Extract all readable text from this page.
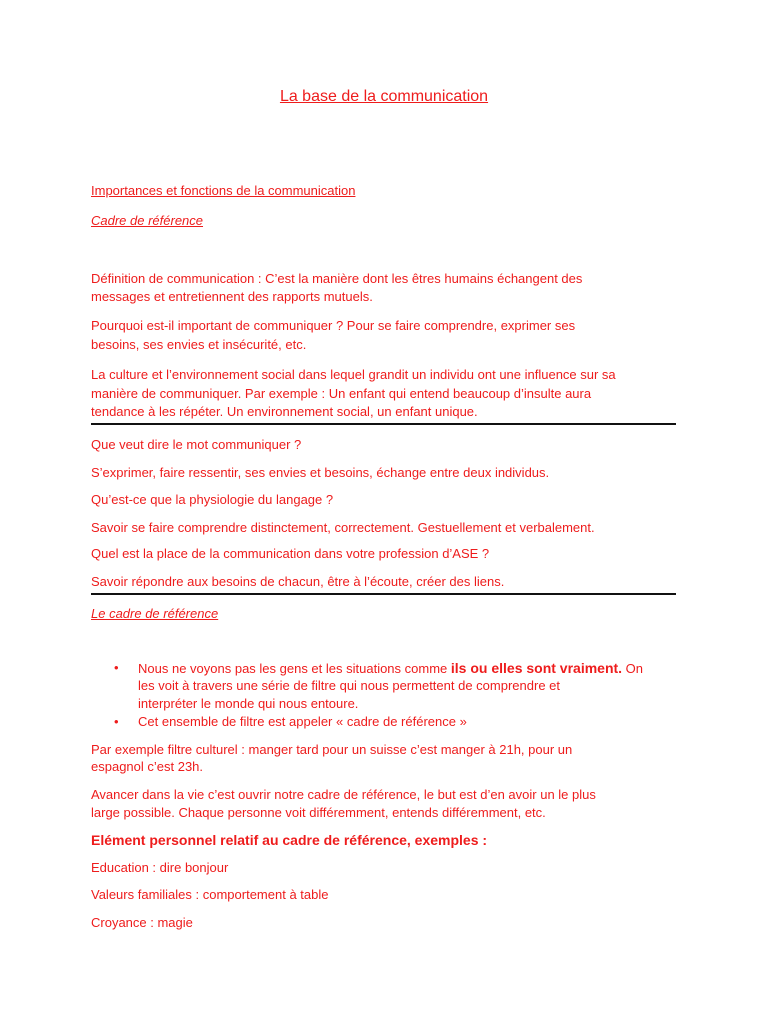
La base de la communication

Importances et fonctions de la communication

Cadre de référence

Définition de communication : C’est la manière dont les êtres humains échangent des

messages et entretiennent des rapports mutuels.

Pourquoi est-il important de communiquer ? Pour se faire comprendre, exprimer ses

besoins, ses envies et insécurité, etc.

La culture et l’environnement social dans lequel grandit un individu ont une influence sur sa

manière de communiquer. Par exemple : Un enfant qui entend beaucoup d’insulte aura

tendance à les répéter. Un environnement social, un enfant unique.

Que veut dire le mot communiquer ?

S’exprimer, faire ressentir, ses envies et besoins, échange entre deux individus.

Qu’est-ce que la physiologie du langage ?

Savoir se faire comprendre distinctement, correctement. Gestuellement et verbalement.

Quel est la place de la communication dans votre profession d’ASE ?

Savoir répondre aux besoins de chacun, être à l’écoute, créer des liens.

Le cadre de référence

• Nous ne voyons pas les gens et les situations comme ils ou elles sont vraiment. On

les voit à travers une série de filtre qui nous permettent de comprendre et

interpréter le monde qui nous entoure.

• Cet ensemble de filtre est appeler « cadre de référence »

Par exemple filtre culturel : manger tard pour un suisse c’est manger à 21h, pour un

espagnol c’est 23h.

Avancer dans la vie c’est ouvrir notre cadre de référence, le but est d’en avoir un le plus

large possible. Chaque personne voit différemment, entends différemment, etc.

Elément personnel relatif au cadre de référence, exemples :

Education : dire bonjour

Valeurs familiales : comportement à table

Croyance : magie
